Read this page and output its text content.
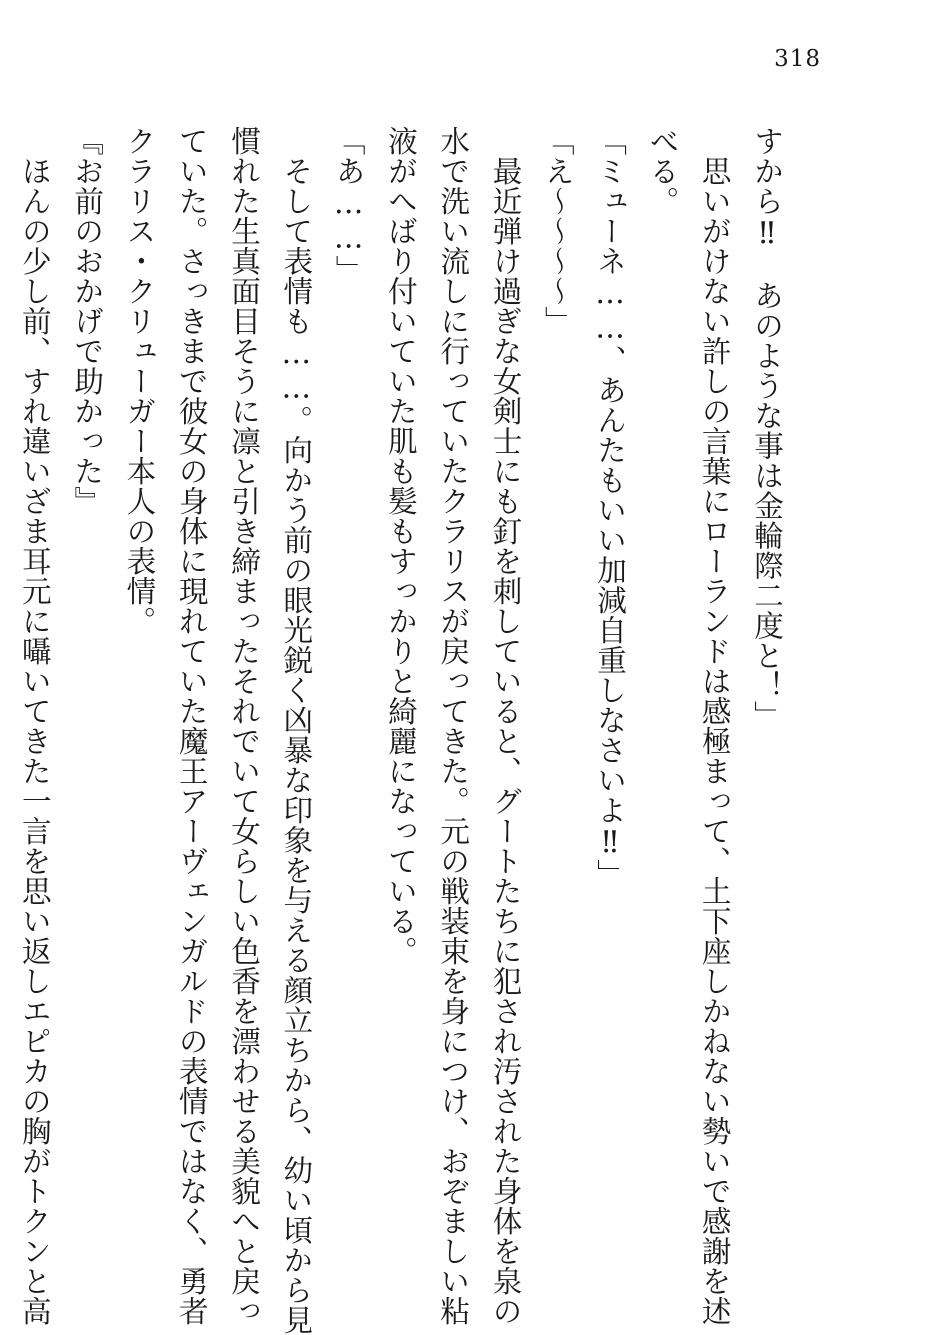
318
すから‼　あのような事は金輪際二度と！」
　思いがけない許しの言葉にローランドは感極まって、土下座しかねない勢いで感謝を述
べる。
「ミューネ……、あんたもいい加減自重しなさいよ‼」
「え～～～～」
　最近弾け過ぎな女剣士にも釘を刺していると、グートたちに犯され汚された身体を泉の
水で洗い流しに行っていたクラリスが戻ってきた。元の戦装束を身につけ、おぞましい粘
液がへばり付いていた肌も髪もすっかりと綺麗になっている。
「あ……」
　そして表情も……。向かう前の眼光鋭く凶暴な印象を与える顔立ちから、幼い頃から見
慣れた生真面目そうに凛と引き締まったそれでいて女らしい色香を漂わせる美貌へと戻っ
ていた。さっきまで彼女の身体に現れていた魔王アーヴェンガルドの表情ではなく、勇者
クラリス・クリューガー本人の表情。
『お前のおかげで助かった』
　ほんの少し前、すれ違いざま耳元に囁いてきた一言を思い返しエピカの胸がトクンと高
